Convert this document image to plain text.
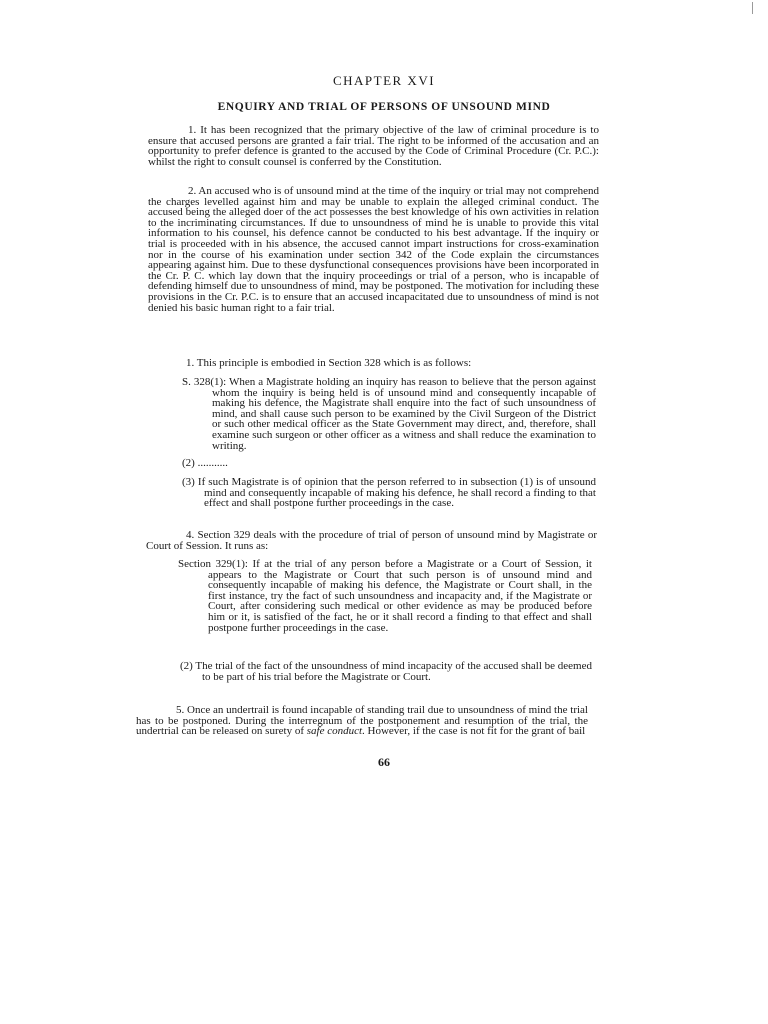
CHAPTER XVI
ENQUIRY AND TRIAL OF PERSONS OF UNSOUND MIND

1. It has been recognized that the primary objective of the law of criminal procedure is to ensure that accused persons are granted a fair trial. The right to be informed of the accusation and an opportunity to prefer defence is granted to the accused by the Code of Criminal Procedure (Cr. P.C.): whilst the right to consult counsel is conferred by the Constitution.

2. An accused who is of unsound mind at the time of the inquiry or trial may not comprehend the charges levelled against him and may be unable to explain the alleged criminal conduct. The accused being the alleged doer of the act possesses the best knowledge of his own activities in relation to the incriminating circumstances. If due to unsoundness of mind he is unable to provide this vital information to his counsel, his defence cannot be conducted to his best advantage. If the inquiry or trial is proceeded with in his absence, the accused cannot impart instructions for cross-examination nor in the course of his examination under section 342 of the Code explain the circumstances appearing against him. Due to these dysfunctional consequences provisions have been incorporated in the Cr. P. C. which lay down that the inquiry proceedings or trial of a person, who is incapable of defending himself due to unsoundness of mind, may be postponed. The motivation for including these provisions in the Cr. P.C. is to ensure that an accused incapacitated due to unsoundness of mind is not denied his basic human right to a fair trial.

1. This principle is embodied in Section 328 which is as follows:

S. 328(1): When a Magistrate holding an inquiry has reason to believe that the person against whom the inquiry is being held is of unsound mind and consequently incapable of making his defence, the Magistrate shall enquire into the fact of such unsoundness of mind, and shall cause such person to be examined by the Civil Surgeon of the District or such other medical officer as the State Government may direct, and, therefore, shall examine such surgeon or other officer as a witness and shall reduce the examination to writing.

(2) ...........

(3) If such Magistrate is of opinion that the person referred to in subsection (1) is of unsound mind and consequently incapable of making his defence, he shall record a finding to that effect and shall postpone further proceedings in the case.

4. Section 329 deals with the procedure of trial of person of unsound mind by Magistrate or Court of Session. It runs as:

Section 329(1): If at the trial of any person before a Magistrate or a Court of Session, it appears to the Magistrate or Court that such person is of unsound mind and consequently incapable of making his defence, the Magistrate or Court shall, in the first instance, try the fact of such unsoundness and incapacity and, if the Magistrate or Court, after considering such medical or other evidence as may be produced before him or it, is satisfied of the fact, he or it shall record a finding to that effect and shall postpone further proceedings in the case.

(2) The trial of the fact of the unsoundness of mind incapacity of the accused shall be deemed to be part of his trial before the Magistrate or Court.

5. Once an undertrail is found incapable of standing trail due to unsoundness of mind the trial has to be postponed. During the interregnum of the postponement and resumption of the trial, the undertrial can be released on surety of safe conduct. However, if the case is not fit for the grant of bail

66
